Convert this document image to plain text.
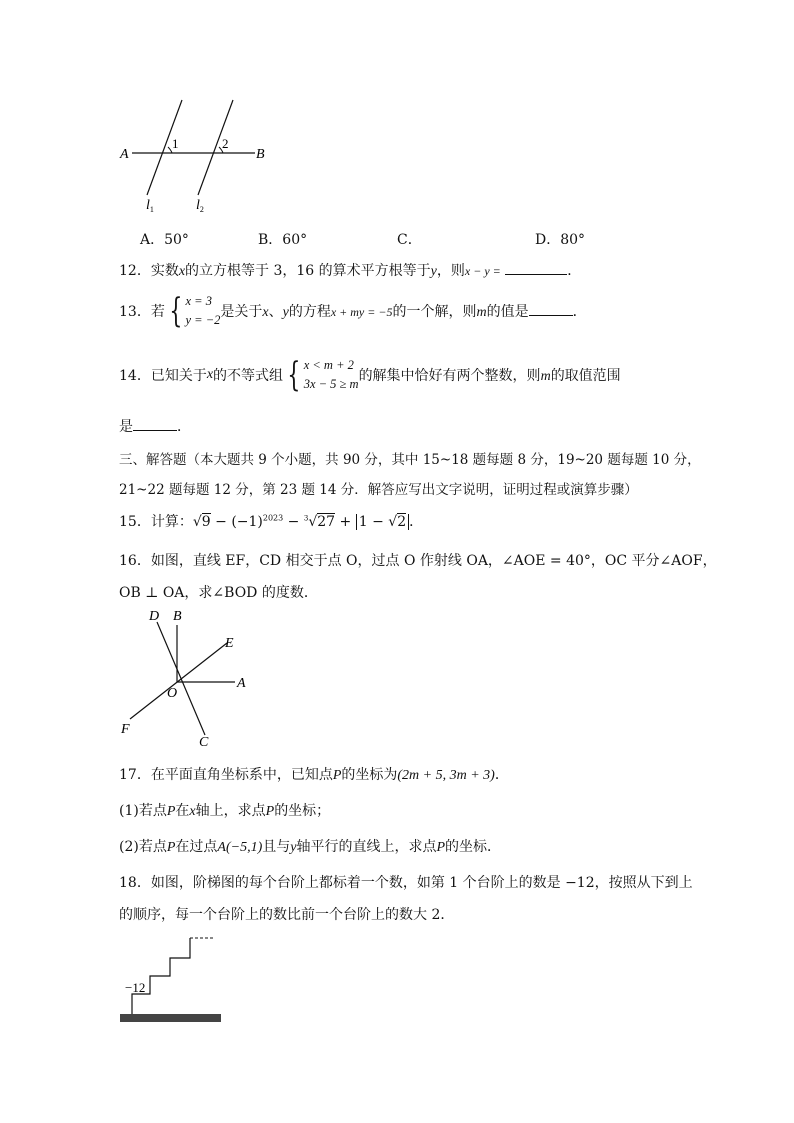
A	B
1	2
$l_1$	$l_2$
A．50°	B．60°	C．	D．80°
12．实数x的立方根等于 3，16 的算术平方根等于y，则x − y =	．
13．若 { x = 3
y = −2 是关于x、y的方程x + my = −5的一个解，则m的值是	．
14．已知关于x的不等式组 { x < m + 2
3x − 5 ≥ m 的解集中恰好有两个整数，则m的取值范围
是	．
三、解答题（本大题共 9 个小题，共 90 分，其中 15~18 题每题 8 分，19~20 题每题 10 分，
21~22 题每题 12 分，第 23 题 14 分．解答应写出文字说明，证明过程或演算步骤）
15．计算：$√9 - (-1)^{2023} - ^3√27 + 1 - √2$ ．
16．如图，直线 EF，CD 相交于点 O，过点 O 作射线 OA，∠AOE = 40°，OC 平分∠AOF，
OB ⊥ OA，求∠BOD 的度数．
D B
E
O
A
F
C
17．在平面直角坐标系中，已知点P的坐标为(2m + 5, 3m + 3)．
(1)若点P在x轴上，求点P的坐标；
(2)若点P在过点A(−5,1)且与y轴平行的直线上，求点P的坐标．
18．如图，阶梯图的每个台阶上都标着一个数，如第 1 个台阶上的数是 −12，按照从下到上
的顺序，每一个台阶上的数比前一个台阶上的数大 2．
−12
